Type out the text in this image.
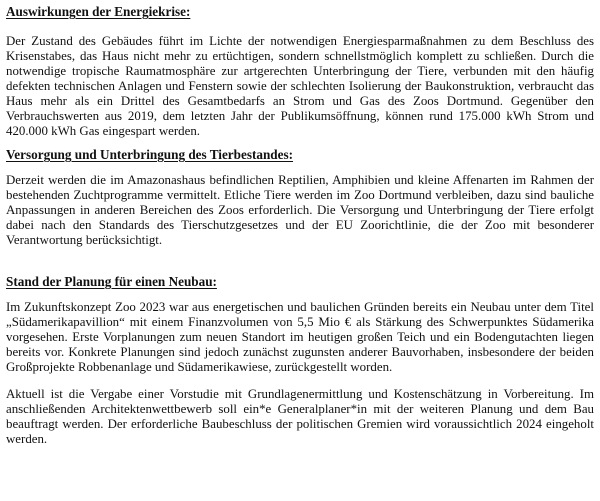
Auswirkungen der Energiekrise:

Der Zustand des Gebäudes führt im Lichte der notwendigen Energiesparmaßnahmen zu dem Beschluss des Krisenstabes, das Haus nicht mehr zu ertüchtigen, sondern schnellstmöglich komplett zu schließen. Durch die notwendige tropische Raumatmosphäre zur artgerechten Unterbringung der Tiere, verbunden mit den häufig defekten technischen Anlagen und Fenstern sowie der schlechten Isolierung der Baukonstruktion, verbraucht das Haus mehr als ein Drittel des Gesamtbedarfs an Strom und Gas des Zoos Dortmund. Gegenüber den Verbrauchswerten aus 2019, dem letzten Jahr der Publikumsöffnung, können rund 175.000 kWh Strom und 420.000 kWh Gas eingespart werden.

Versorgung und Unterbringung des Tierbestandes:

Derzeit werden die im Amazonashaus befindlichen Reptilien, Amphibien und kleine Affenarten im Rahmen der bestehenden Zuchtprogramme vermittelt. Etliche Tiere werden im Zoo Dortmund verbleiben, dazu sind bauliche Anpassungen in anderen Bereichen des Zoos erforderlich. Die Versorgung und Unterbringung der Tiere erfolgt dabei nach den Standards des Tierschutzgesetzes und der EU Zoorichtlinie, die der Zoo mit besonderer Verantwortung berücksichtigt.

Stand der Planung für einen Neubau:

Im Zukunftskonzept Zoo 2023 war aus energetischen und baulichen Gründen bereits ein Neubau unter dem Titel „Südamerikapavillion“ mit einem Finanzvolumen von 5,5 Mio € als Stärkung des Schwerpunktes Südamerika vorgesehen. Erste Vorplanungen zum neuen Standort im heutigen großen Teich und ein Bodengutachten liegen bereits vor. Konkrete Planungen sind jedoch zunächst zugunsten anderer Bauvorhaben, insbesondere der beiden Großprojekte Robbenanlage und Südamerikawiese, zurückgestellt worden.

Aktuell ist die Vergabe einer Vorstudie mit Grundlagenermittlung und Kostenschätzung in Vorbereitung. Im anschließenden Architektenwettbewerb soll ein*e Generalplaner*in mit der weiteren Planung und dem Bau beauftragt werden. Der erforderliche Baubeschluss der politischen Gremien wird voraussichtlich 2024 eingeholt werden.
